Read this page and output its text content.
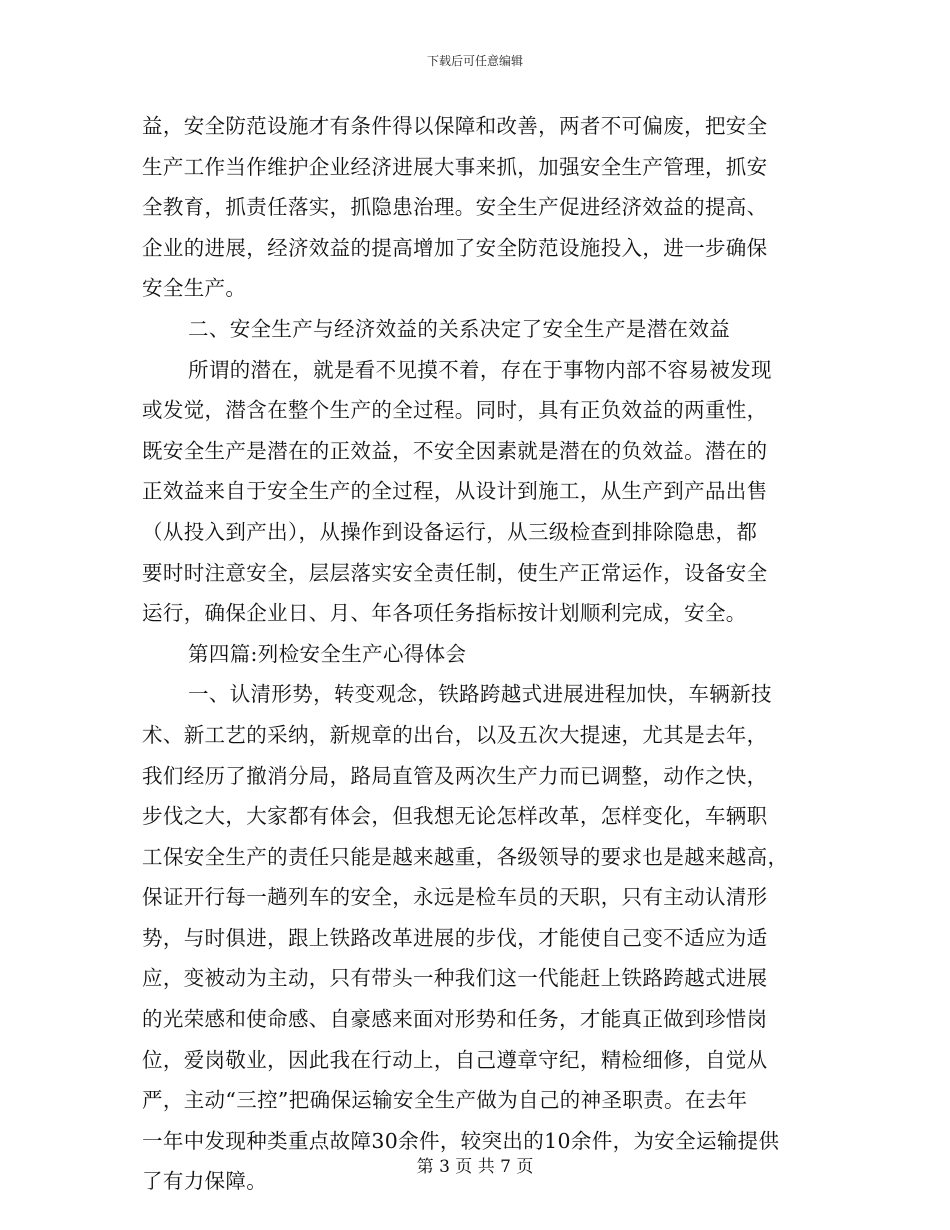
下载后可任意编辑
益，安全防范设施才有条件得以保障和改善，两者不可偏废，把安全
生产工作当作维护企业经济进展大事来抓，加强安全生产管理，抓安
全教育，抓责任落实，抓隐患治理。安全生产促进经济效益的提高、
企业的进展，经济效益的提高增加了安全防范设施投入，进一步确保
安全生产。
二、安全生产与经济效益的关系决定了安全生产是潜在效益
所谓的潜在，就是看不见摸不着，存在于事物内部不容易被发现
或发觉，潜含在整个生产的全过程。同时，具有正负效益的两重性，
既安全生产是潜在的正效益，不安全因素就是潜在的负效益。潜在的
正效益来自于安全生产的全过程，从设计到施工，从生产到产品出售
（从投入到产出），从操作到设备运行，从三级检查到排除隐患，都
要时时注意安全，层层落实安全责任制，使生产正常运作，设备安全
运行，确保企业日、月、年各项任务指标按计划顺利完成，安全。
第四篇:列检安全生产心得体会
一、认清形势，转变观念，铁路跨越式进展进程加快，车辆新技
术、新工艺的采纳，新规章的出台，以及五次大提速，尤其是去年，
我们经历了撤消分局，路局直管及两次生产力而已调整，动作之快，
步伐之大，大家都有体会，但我想无论怎样改革，怎样变化，车辆职
工保安全生产的责任只能是越来越重，各级领导的要求也是越来越高，
保证开行每一趟列车的安全，永远是检车员的天职，只有主动认清形
势，与时俱进，跟上铁路改革进展的步伐，才能使自己变不适应为适
应，变被动为主动，只有带头一种我们这一代能赶上铁路跨越式进展
的光荣感和使命感、自豪感来面对形势和任务，才能真正做到珍惜岗
位，爱岗敬业，因此我在行动上，自己遵章守纪，精检细修，自觉从
严，主动“三控”把确保运输安全生产做为自己的神圣职责。在去年
一年中发现种类重点故障30余件，较突出的10余件，为安全运输提供
了有力保障。
第 3 页 共 7 页
